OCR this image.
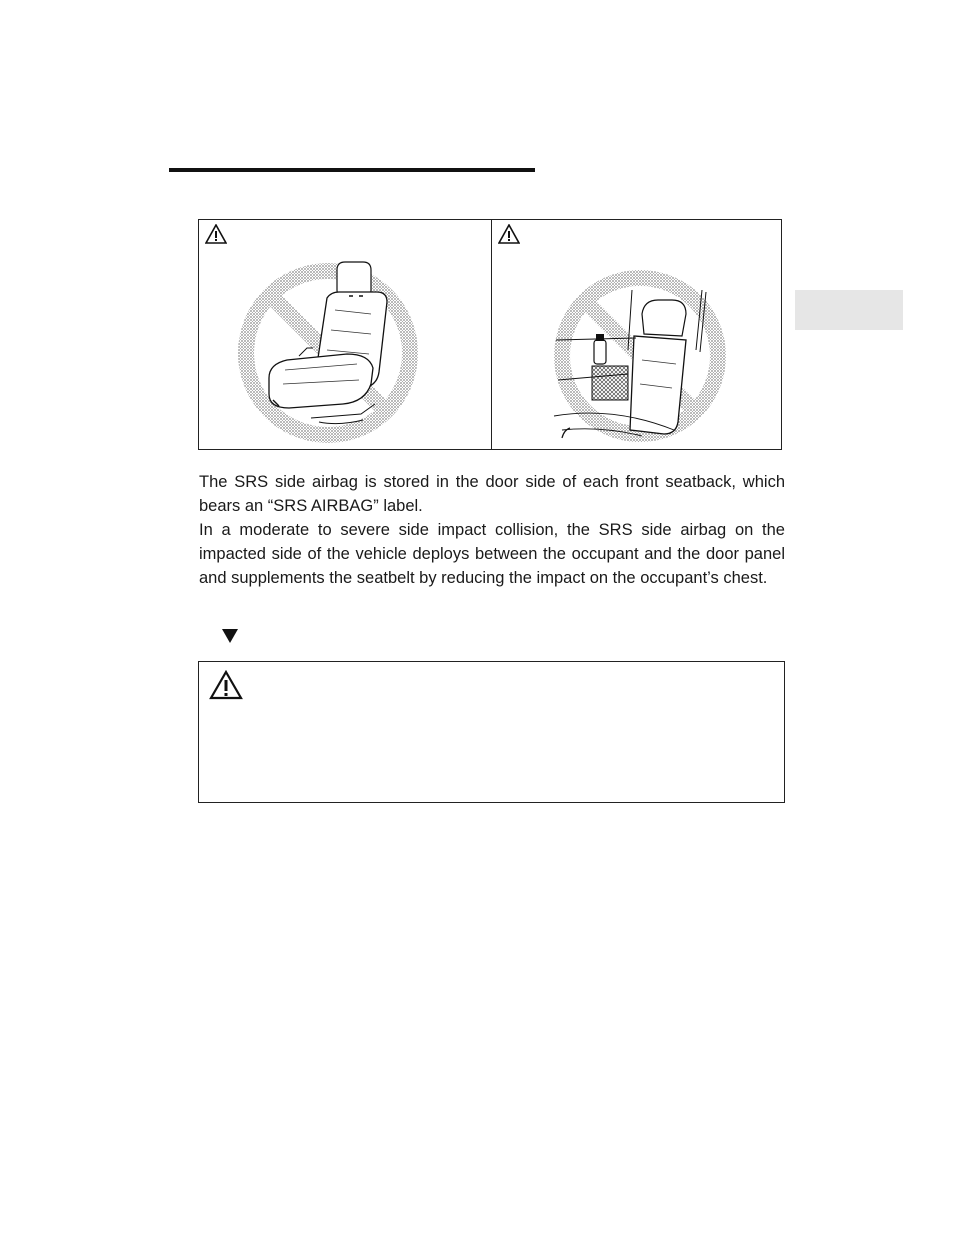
The SRS side airbag is stored in the door side of each front seatback, which bears an “SRS AIRBAG” label.

In a moderate to severe side impact collision, the SRS side airbag on the impacted side of the vehicle deploys between the occupant and the door panel and supplements the seatbelt by reducing the impact on the occupant’s chest.
